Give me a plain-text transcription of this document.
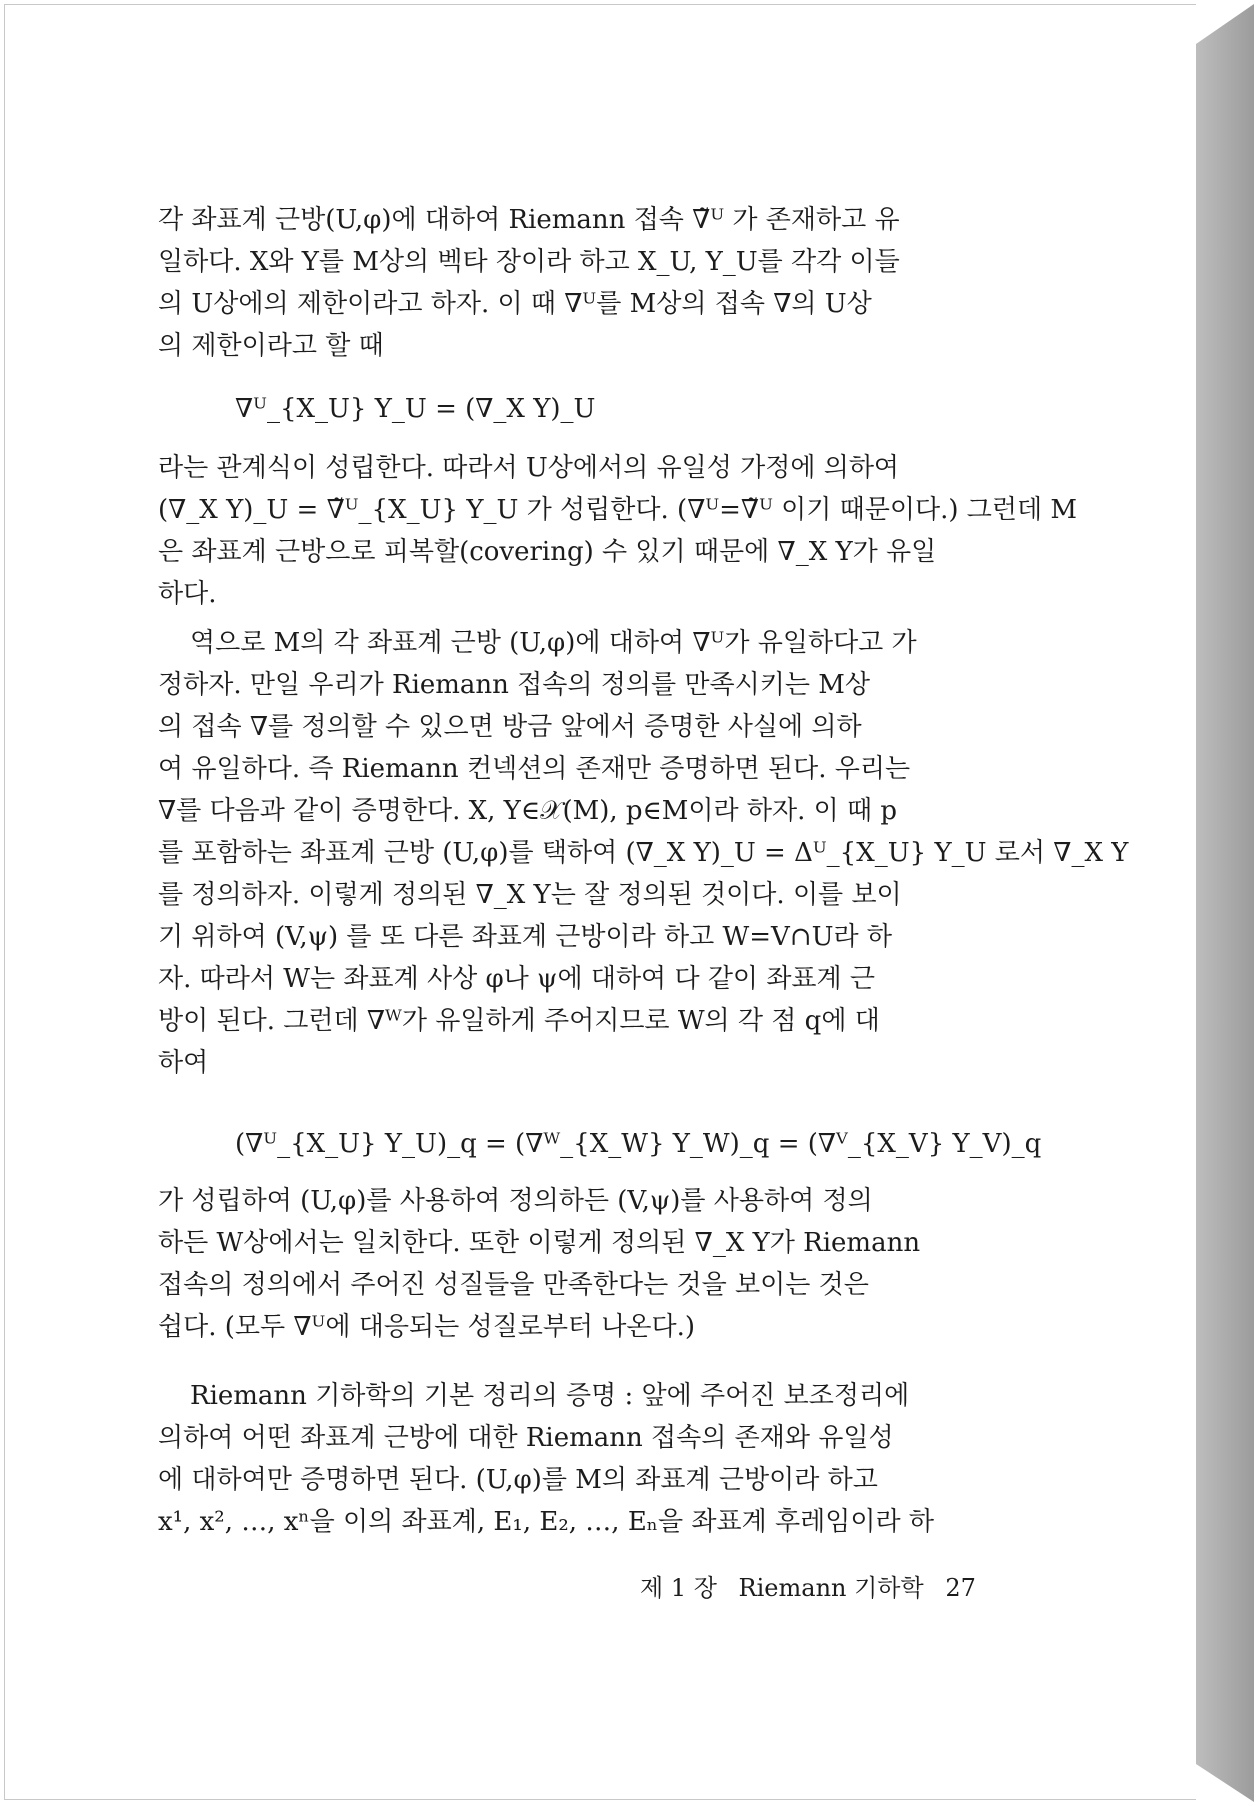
각 좌표계 근방(U,φ)에 대하여 Riemann 접속 ∇̃ᵁ 가 존재하고 유
일하다. X와 Y를 M상의 벡타 장이라 하고 X_U, Y_U를 각각 이들
의 U상에의 제한이라고 하자. 이 때 ∇ᵁ를 M상의 접속 ∇의 U상
의 제한이라고 할 때
∇ᵁ_{X_U} Y_U = (∇_X Y)_U
라는 관계식이 성립한다. 따라서 U상에서의 유일성 가정에 의하여
(∇_X Y)_U = ∇̃ᵁ_{X_U} Y_U 가 성립한다. (∇ᵁ=∇̃ᵁ 이기 때문이다.) 그런데 M
은 좌표계 근방으로 피복할(covering) 수 있기 때문에 ∇_X Y가 유일
하다.
역으로 M의 각 좌표계 근방 (U,φ)에 대하여 ∇ᵁ가 유일하다고 가
정하자. 만일 우리가 Riemann 접속의 정의를 만족시키는 M상
의 접속 ∇를 정의할 수 있으면 방금 앞에서 증명한 사실에 의하
여 유일하다. 즉 Riemann 컨넥션의 존재만 증명하면 된다. 우리는
∇를 다음과 같이 증명한다. X, Y∈𝒳(M), p∈M이라 하자. 이 때 p
를 포함하는 좌표계 근방 (U,φ)를 택하여 (∇_X Y)_U = Δᵁ_{X_U} Y_U 로서 ∇_X Y
를 정의하자. 이렇게 정의된 ∇_X Y는 잘 정의된 것이다. 이를 보이
기 위하여 (V,ψ) 를 또 다른 좌표계 근방이라 하고 W=V∩U라 하
자. 따라서 W는 좌표계 사상 φ나 ψ에 대하여 다 같이 좌표계 근
방이 된다. 그런데 ∇ᵂ가 유일하게 주어지므로 W의 각 점 q에 대
하여
(∇ᵁ_{X_U} Y_U)_q = (∇ᵂ_{X_W} Y_W)_q = (∇ⱽ_{X_V} Y_V)_q
가 성립하여 (U,φ)를 사용하여 정의하든 (V,ψ)를 사용하여 정의
하든 W상에서는 일치한다. 또한 이렇게 정의된 ∇_X Y가 Riemann
접속의 정의에서 주어진 성질들을 만족한다는 것을 보이는 것은
쉽다. (모두 ∇ᵁ에 대응되는 성질로부터 나온다.)
Riemann 기하학의 기본 정리의 증명 : 앞에 주어진 보조정리에
의하여 어떤 좌표계 근방에 대한 Riemann 접속의 존재와 유일성
에 대하여만 증명하면 된다. (U,φ)를 M의 좌표계 근방이라 하고
x¹, x², …, xⁿ을 이의 좌표계, E₁, E₂, …, Eₙ을 좌표계 후레임이라 하
제 1 장 Riemann 기하학 27
